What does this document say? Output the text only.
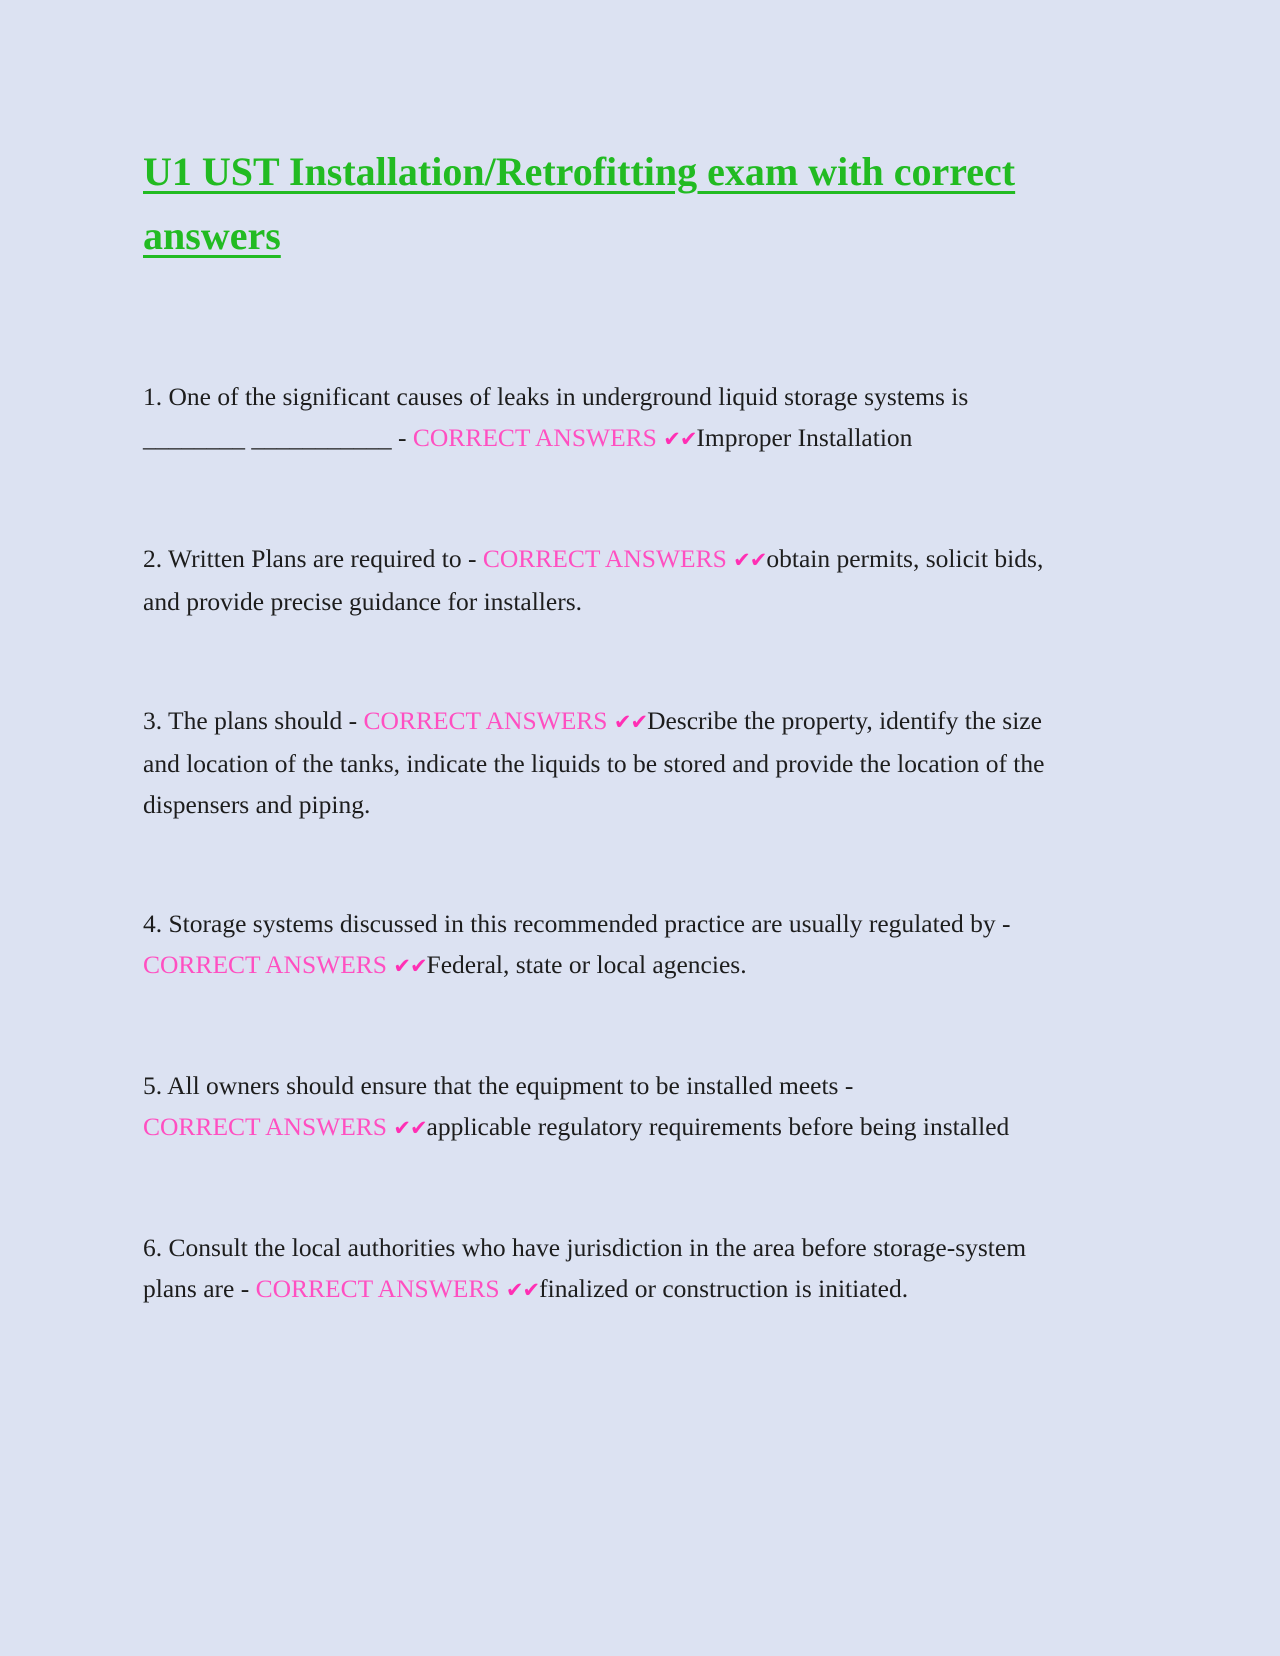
U1 UST Installation/Retrofitting exam with correct answers

1. One of the significant causes of leaks in underground liquid storage systems is ________ ___________ - CORRECT ANSWERS ✔✔Improper Installation

2. Written Plans are required to - CORRECT ANSWERS ✔✔obtain permits, solicit bids, and provide precise guidance for installers.

3. The plans should - CORRECT ANSWERS ✔✔Describe the property, identify the size and location of the tanks, indicate the liquids to be stored and provide the location of the dispensers and piping.

4. Storage systems discussed in this recommended practice are usually regulated by - CORRECT ANSWERS ✔✔Federal, state or local agencies.

5. All owners should ensure that the equipment to be installed meets - CORRECT ANSWERS ✔✔applicable regulatory requirements before being installed

6. Consult the local authorities who have jurisdiction in the area before storage-system plans are - CORRECT ANSWERS ✔✔finalized or construction is initiated.
